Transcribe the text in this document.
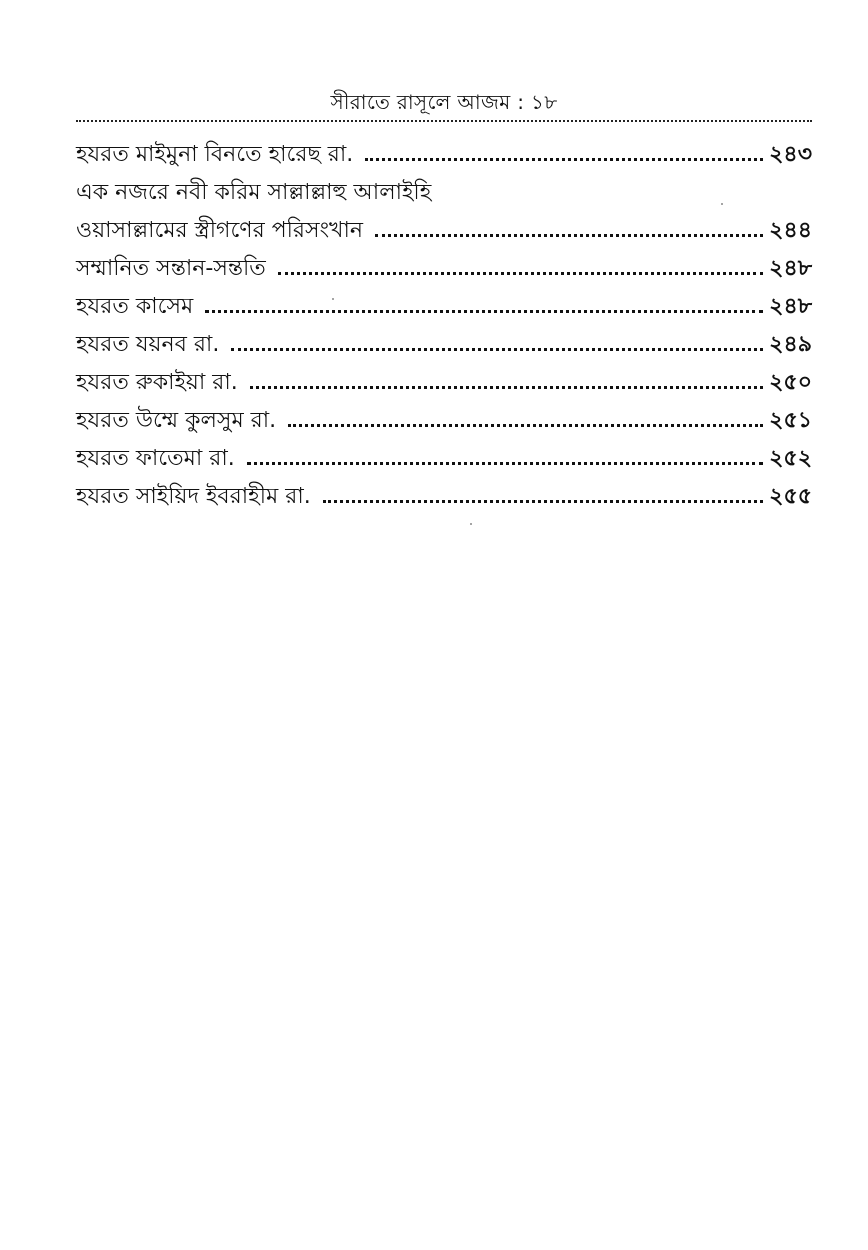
সীরাতে রাসূলে আজম : ১৮
হযরত মাইমুনা বিনতে হারেছ রা.	২৪৩
এক নজরে নবী করিম সাল্লাল্লাহু আলাইহি
ওয়াসাল্লামের স্ত্রীগণের পরিসংখান	২৪৪
সম্মানিত সন্তান-সন্ততি	২৪৮
হযরত কাসেম	২৪৮
হযরত যয়নব রা.	২৪৯
হযরত রুকাইয়া রা.	২৫০
হযরত উম্মে কুলসুম রা.	২৫১
হযরত ফাতেমা রা.	২৫২
হযরত সাইয়িদ ইবরাহীম রা.	২৫৫
